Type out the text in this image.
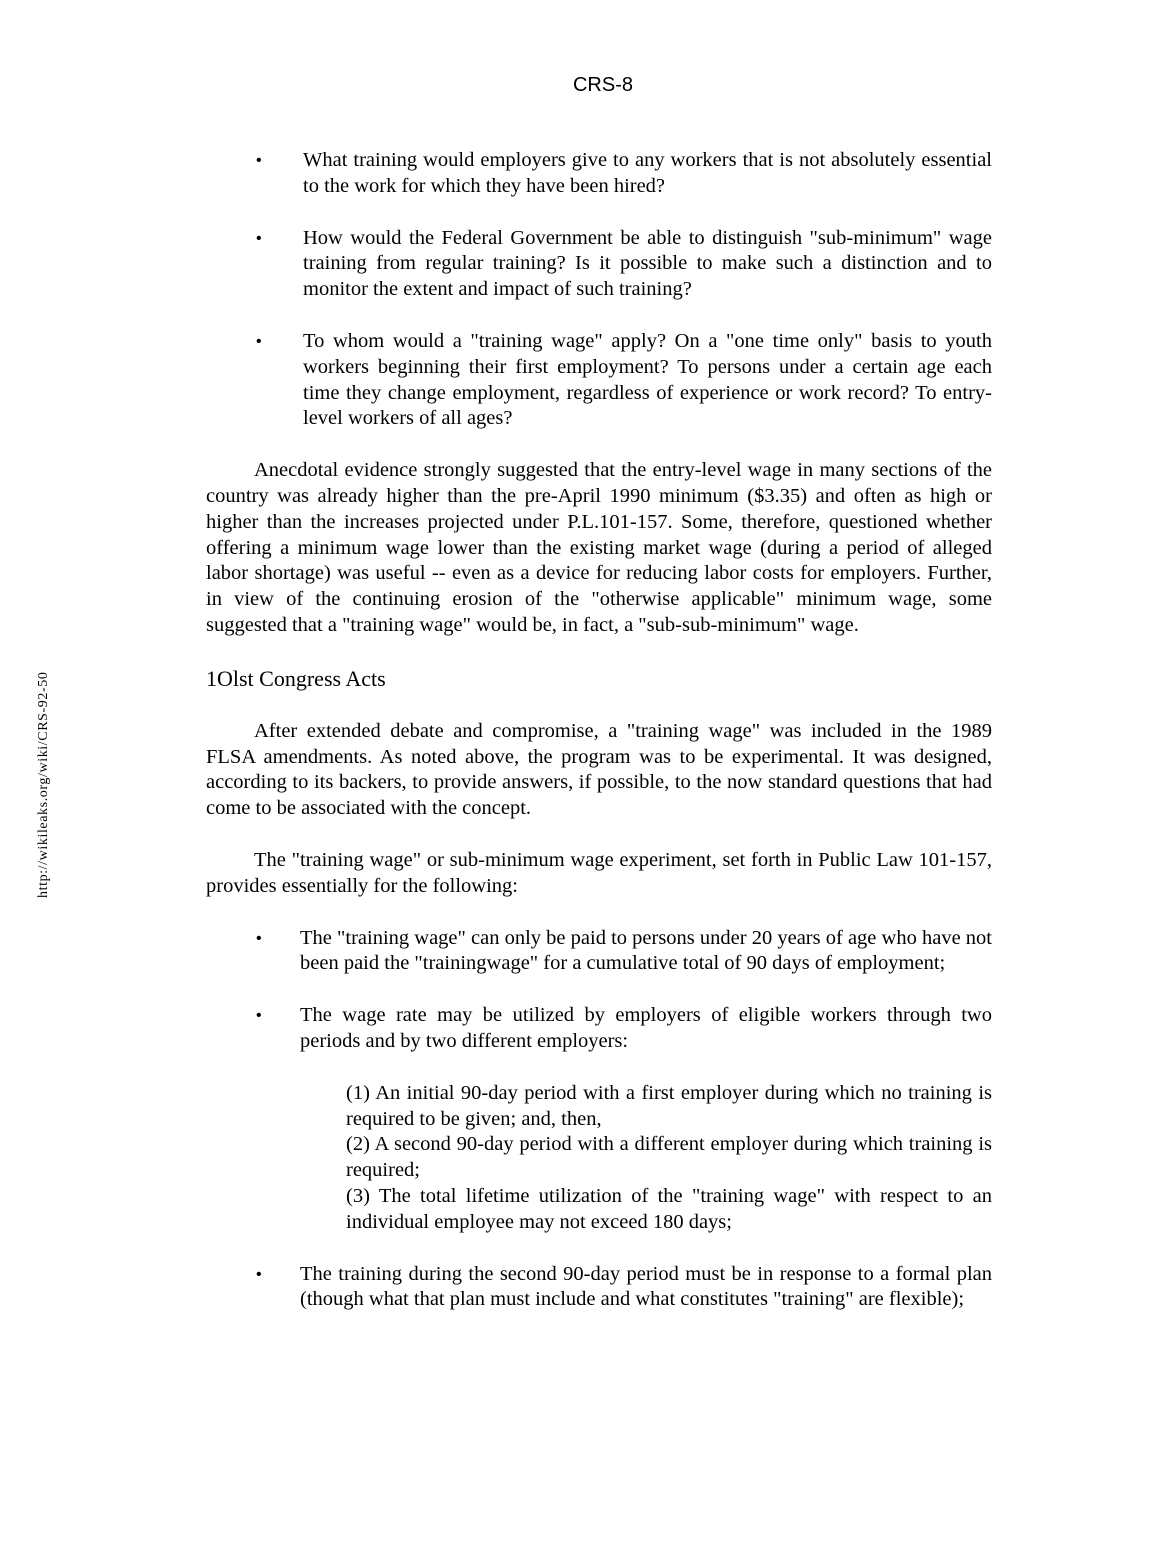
CRS-8
http://wikileaks.org/wiki/CRS-92-50
• What training would employers give to any workers that is not absolutely essential to the work for which they have been hired?
• How would the Federal Government be able to distinguish "sub-minimum" wage training from regular training? Is it possible to make such a distinction and to monitor the extent and impact of such training?
• To whom would a "training wage" apply? On a "one time only" basis to youth workers beginning their first employment? To persons under a certain age each time they change employment, regardless of experience or work record? To entry-level workers of all ages?

Anecdotal evidence strongly suggested that the entry-level wage in many sections of the country was already higher than the pre-April 1990 minimum ($3.35) and often as high or higher than the increases projected under P.L.101-157. Some, therefore, questioned whether offering a minimum wage lower than the existing market wage (during a period of alleged labor shortage) was useful -- even as a device for reducing labor costs for employers. Further, in view of the continuing erosion of the "otherwise applicable" minimum wage, some suggested that a "training wage" would be, in fact, a "sub-sub-minimum" wage.

1Olst Congress Acts

After extended debate and compromise, a "training wage" was included in the 1989 FLSA amendments. As noted above, the program was to be experimental. It was designed, according to its backers, to provide answers, if possible, to the now standard questions that had come to be associated with the concept.

The "training wage" or sub-minimum wage experiment, set forth in Public Law 101-157, provides essentially for the following:

• The "training wage" can only be paid to persons under 20 years of age who have not been paid the "trainingwage" for a cumulative total of 90 days of employment;
• The wage rate may be utilized by employers of eligible workers through two periods and by two different employers:

(1) An initial 90-day period with a first employer during which no training is required to be given; and, then,

(2) A second 90-day period with a different employer during which training is required;

(3) The total lifetime utilization of the "training wage" with respect to an individual employee may not exceed 180 days;

• The training during the second 90-day period must be in response to a formal plan (though what that plan must include and what constitutes "training" are flexible);
